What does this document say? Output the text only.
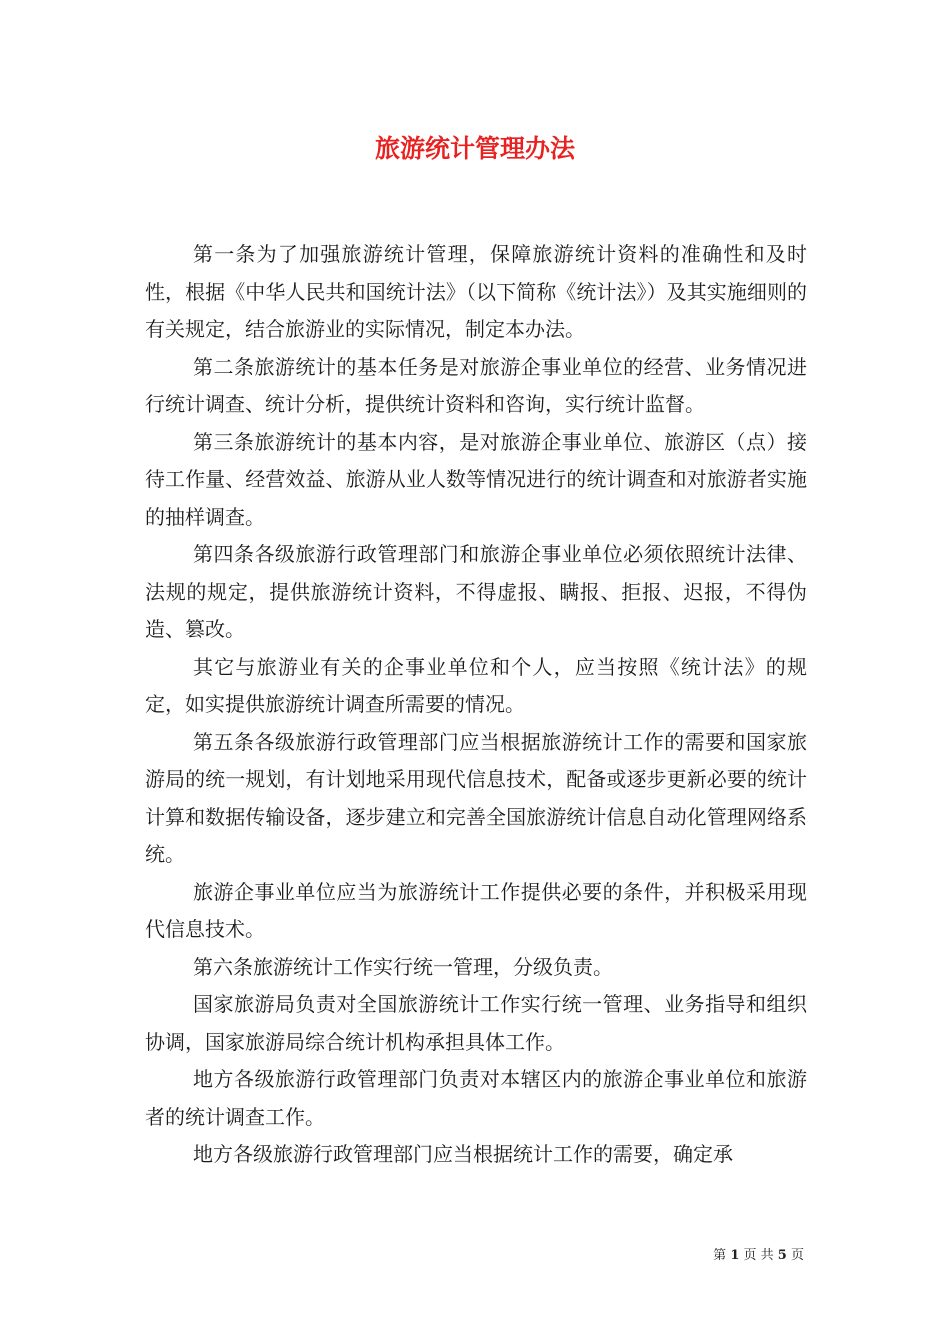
旅游统计管理办法

第一条为了加强旅游统计管理，保障旅游统计资料的准确性和及时性，根据《中华人民共和国统计法》（以下简称《统计法》）及其实施细则的有关规定，结合旅游业的实际情况，制定本办法。

第二条旅游统计的基本任务是对旅游企事业单位的经营、业务情况进行统计调查、统计分析，提供统计资料和咨询，实行统计监督。

第三条旅游统计的基本内容，是对旅游企事业单位、旅游区（点）接待工作量、经营效益、旅游从业人数等情况进行的统计调查和对旅游者实施的抽样调查。

第四条各级旅游行政管理部门和旅游企事业单位必须依照统计法律、法规的规定，提供旅游统计资料，不得虚报、瞒报、拒报、迟报，不得伪造、篡改。

其它与旅游业有关的企事业单位和个人，应当按照《统计法》的规定，如实提供旅游统计调查所需要的情况。

第五条各级旅游行政管理部门应当根据旅游统计工作的需要和国家旅游局的统一规划，有计划地采用现代信息技术，配备或逐步更新必要的统计计算和数据传输设备，逐步建立和完善全国旅游统计信息自动化管理网络系统。

旅游企事业单位应当为旅游统计工作提供必要的条件，并积极采用现代信息技术。

第六条旅游统计工作实行统一管理，分级负责。

国家旅游局负责对全国旅游统计工作实行统一管理、业务指导和组织协调，国家旅游局综合统计机构承担具体工作。

地方各级旅游行政管理部门负责对本辖区内的旅游企事业单位和旅游者的统计调查工作。

地方各级旅游行政管理部门应当根据统计工作的需要，确定承

第 1 页 共 5 页
